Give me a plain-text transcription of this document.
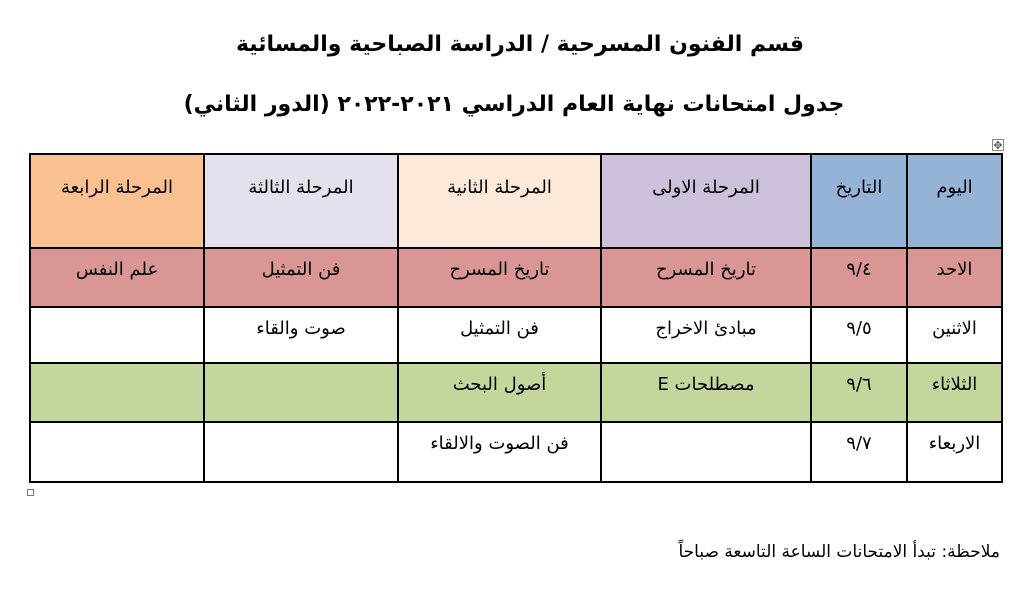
قسم الفنون المسرحية / الدراسة الصباحية والمسائية
جدول امتحانات نهاية العام الدراسي ٢٠٢١-٢٠٢٢ (الدور الثاني)
✥
اليوم	التاريخ	المرحلة الاولى	المرحلة الثانية	المرحلة الثالثة	المرحلة الرابعة
الاحد	٩/٤	تاريخ المسرح	تاريخ المسرح	فن التمثيل	علم النفس
الاثنين	٩/٥	مبادئ الاخراج	فن التمثيل	صوت والقاء	
الثلاثاء	٩/٦	مصطلحات E	أصول البحث		
الاربعاء	٩/٧		فن الصوت والالقاء		
ملاحظة: تبدأ الامتحانات الساعة التاسعة صباحاً
